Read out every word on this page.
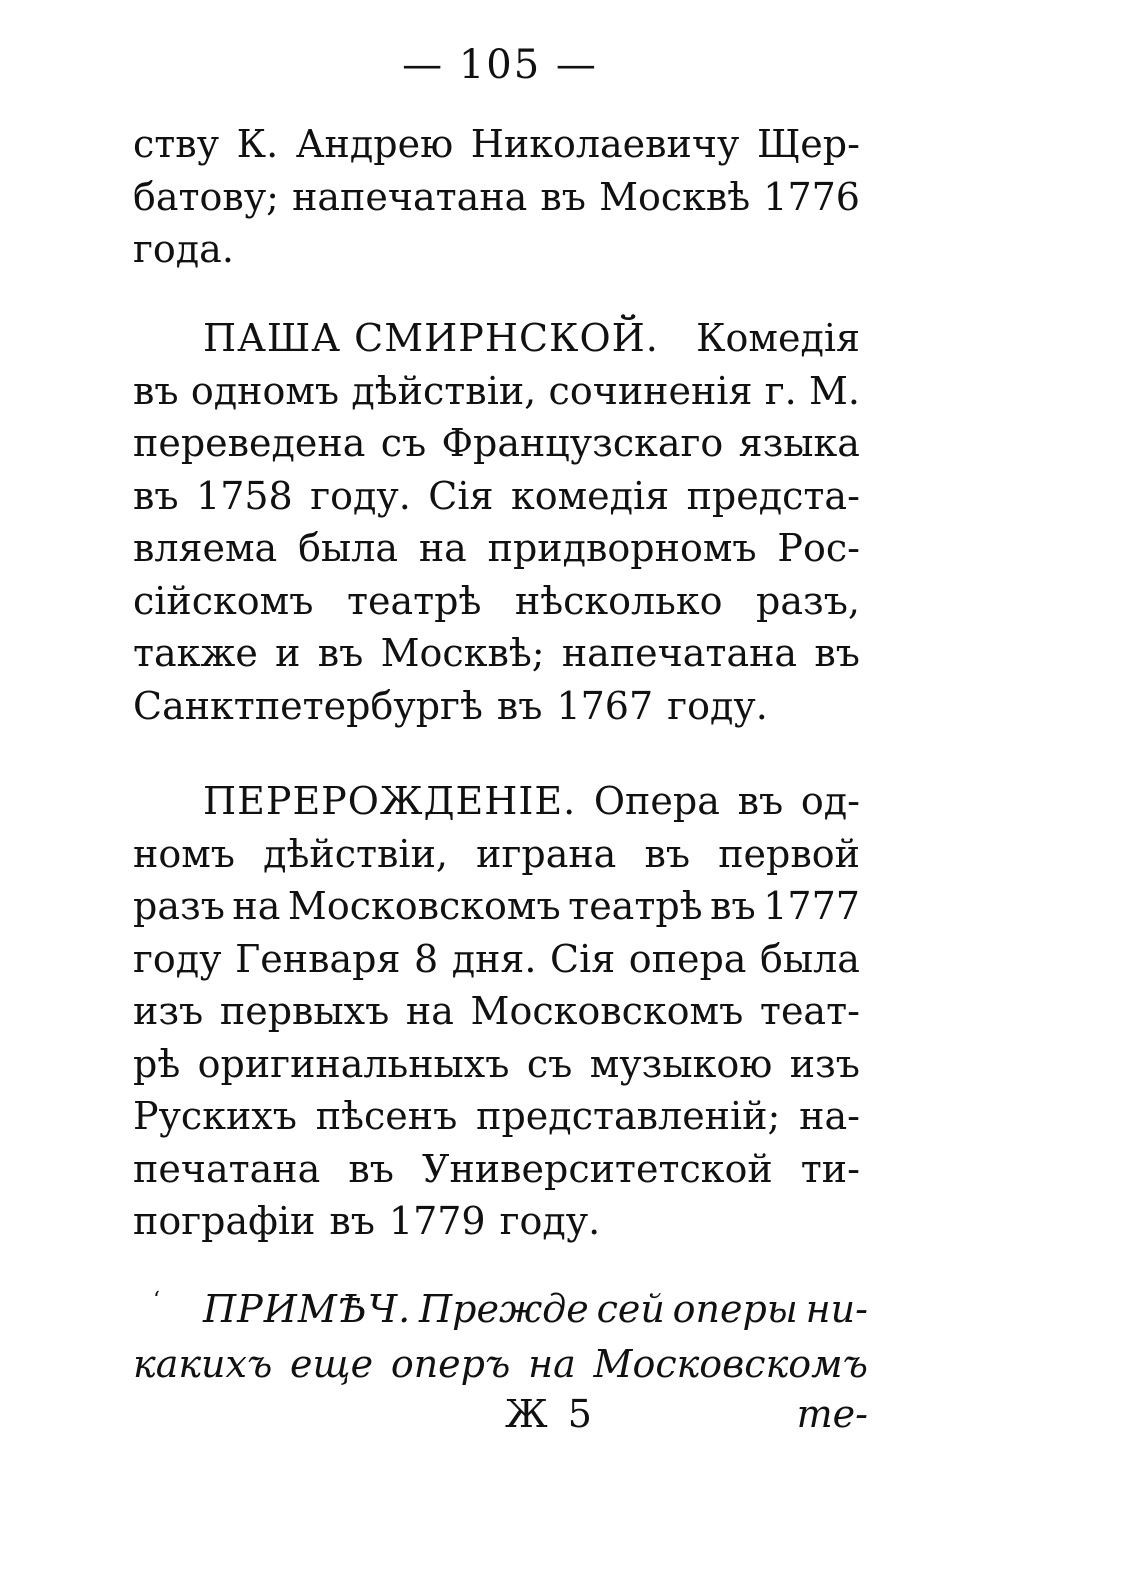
— 105 —
ству К. Андрею Николаевичу Щер-
батову; напечатана въ Москвѣ 1776
года.
ПАША СМИРНСКОЙ. Комедія
въ одномъ дѣйствіи, сочиненія г. М.
переведена съ Французскаго языка
въ 1758 году. Сія комедія предста-
вляема была на придворномъ Рос-
сійскомъ театрѣ нѣсколько разъ,
также и въ Москвѣ; напечатана въ
Санктпетербургѣ въ 1767 году.
ПЕРЕРОЖДЕНІЕ. Опера въ од-
номъ дѣйствіи, играна въ первой
разъ на Московскомъ театрѣ въ 1777
году Генваря 8 дня. Сія опера была
изъ первыхъ на Московскомъ теат-
рѣ оригинальныхъ съ музыкою изъ
Рускихъ пѣсенъ представленій; на-
печатана въ Университетской ти-
пографіи въ 1779 году.
‘ ПРИМѢЧ. Прежде сей оперы ни-
какихъ еще оперъ на Московскомъ
Ж 5	те-
